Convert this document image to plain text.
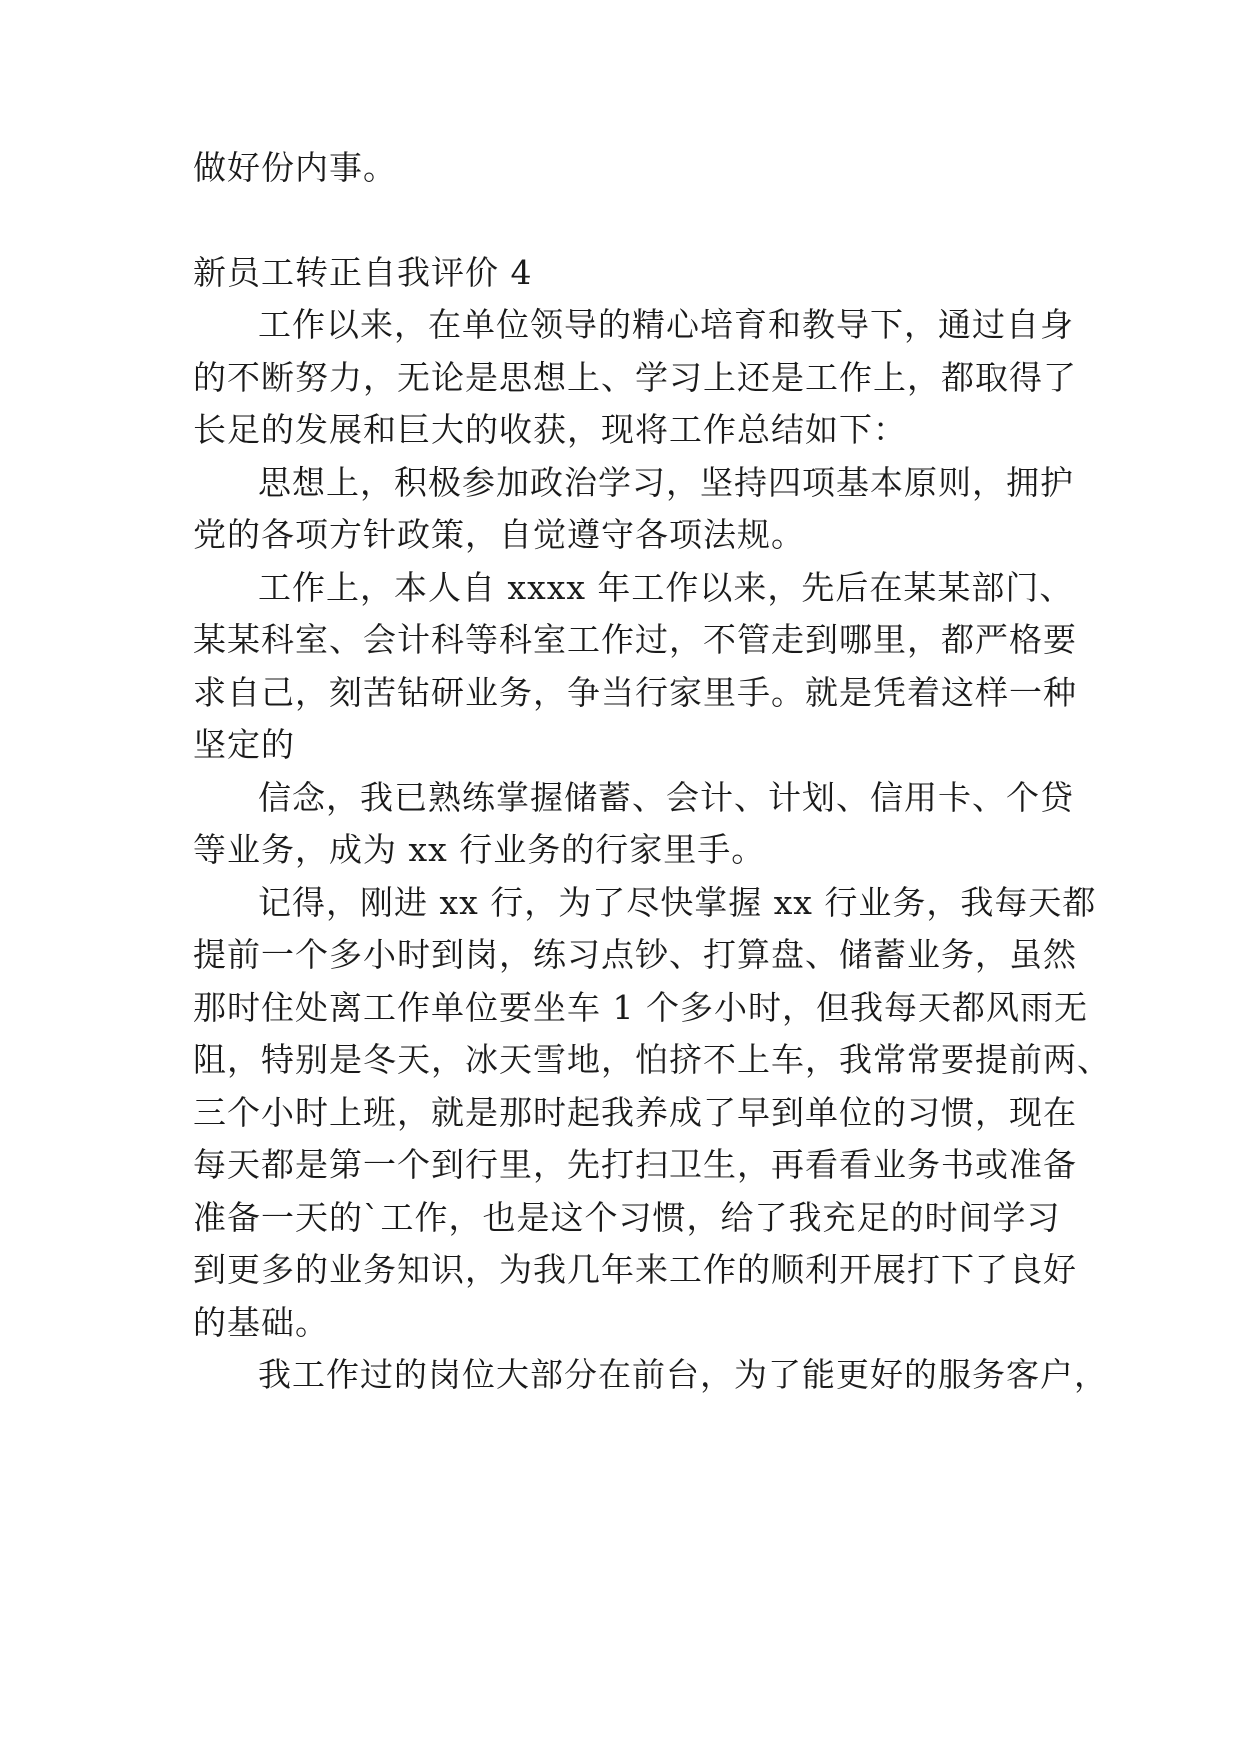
做好份内事。
新员工转正自我评价 4
工作以来，在单位领导的精心培育和教导下，通过自身
的不断努力，无论是思想上、学习上还是工作上，都取得了
长足的发展和巨大的收获，现将工作总结如下：
思想上，积极参加政治学习，坚持四项基本原则，拥护
党的各项方针政策，自觉遵守各项法规。
工作上，本人自 xxxx 年工作以来，先后在某某部门、
某某科室、会计科等科室工作过，不管走到哪里，都严格要
求自己，刻苦钻研业务，争当行家里手。就是凭着这样一种
坚定的
信念，我已熟练掌握储蓄、会计、计划、信用卡、个贷
等业务，成为 xx 行业务的行家里手。
记得，刚进 xx 行，为了尽快掌握 xx 行业务，我每天都
提前一个多小时到岗，练习点钞、打算盘、储蓄业务，虽然
那时住处离工作单位要坐车 1 个多小时，但我每天都风雨无
阻，特别是冬天，冰天雪地，怕挤不上车，我常常要提前两、
三个小时上班，就是那时起我养成了早到单位的习惯，现在
每天都是第一个到行里，先打扫卫生，再看看业务书或准备
准备一天的`工作，也是这个习惯，给了我充足的时间学习
到更多的业务知识，为我几年来工作的顺利开展打下了良好
的基础。
我工作过的岗位大部分在前台，为了能更好的服务客户，
